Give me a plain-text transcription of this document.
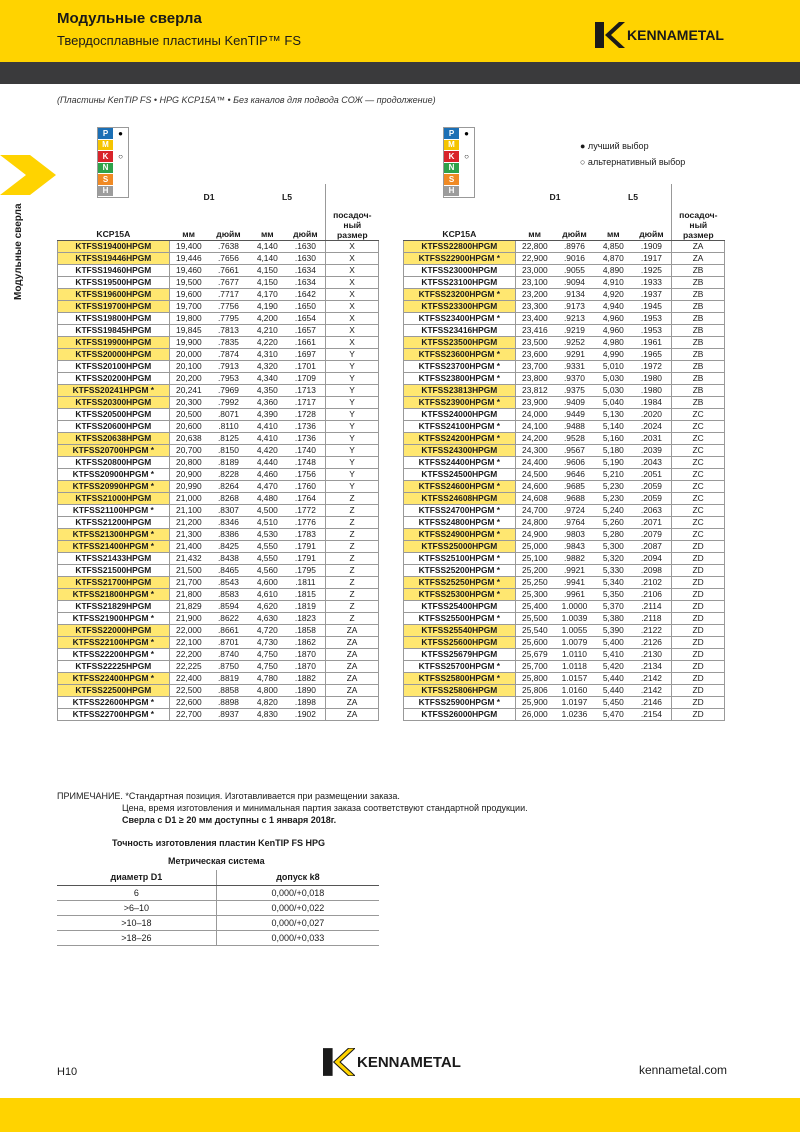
Модульные сверла
Твердосплавные пластины KenTIP™ FS	KENNAMETAL
Модульные сверла
(Пластины KenTIP FS • HPG KCP15A™ • Без каналов для подвода СОЖ — продолжение)
P	●
M
K	○
N
S
H
P	●
M
K	○
N
S
H
● лучший выбор
○ альтернативный выбор
	D1		L5		
KCP15A	мм	дюйм	мм	дюйм	посадоч-ный размер
KTFSS19400HPGM	19,400	.7638	4,140	.1630	X
KTFSS19446HPGM	19,446	.7656	4,140	.1630	X
KTFSS19460HPGM	19,460	.7661	4,150	.1634	X
KTFSS19500HPGM	19,500	.7677	4,150	.1634	X
KTFSS19600HPGM	19,600	.7717	4,170	.1642	X
KTFSS19700HPGM	19,700	.7756	4,190	.1650	X
KTFSS19800HPGM	19,800	.7795	4,200	.1654	X
KTFSS19845HPGM	19,845	.7813	4,210	.1657	X
KTFSS19900HPGM	19,900	.7835	4,220	.1661	X
KTFSS20000HPGM	20,000	.7874	4,310	.1697	Y
KTFSS20100HPGM	20,100	.7913	4,320	.1701	Y
KTFSS20200HPGM	20,200	.7953	4,340	.1709	Y
KTFSS20241HPGM *	20,241	.7969	4,350	.1713	Y
KTFSS20300HPGM	20,300	.7992	4,360	.1717	Y
KTFSS20500HPGM	20,500	.8071	4,390	.1728	Y
KTFSS20600HPGM	20,600	.8110	4,410	.1736	Y
KTFSS20638HPGM	20,638	.8125	4,410	.1736	Y
KTFSS20700HPGM *	20,700	.8150	4,420	.1740	Y
KTFSS20800HPGM	20,800	.8189	4,440	.1748	Y
KTFSS20900HPGM *	20,900	.8228	4,460	.1756	Y
KTFSS20990HPGM *	20,990	.8264	4,470	.1760	Y
KTFSS21000HPGM	21,000	.8268	4,480	.1764	Z
KTFSS21100HPGM *	21,100	.8307	4,500	.1772	Z
KTFSS21200HPGM	21,200	.8346	4,510	.1776	Z
KTFSS21300HPGM *	21,300	.8386	4,530	.1783	Z
KTFSS21400HPGM *	21,400	.8425	4,550	.1791	Z
KTFSS21433HPGM	21,432	.8438	4,550	.1791	Z
KTFSS21500HPGM	21,500	.8465	4,560	.1795	Z
KTFSS21700HPGM	21,700	.8543	4,600	.1811	Z
KTFSS21800HPGM *	21,800	.8583	4,610	.1815	Z
KTFSS21829HPGM	21,829	.8594	4,620	.1819	Z
KTFSS21900HPGM *	21,900	.8622	4,630	.1823	Z
KTFSS22000HPGM	22,000	.8661	4,720	.1858	ZA
KTFSS22100HPGM *	22,100	.8701	4,730	.1862	ZA
KTFSS22200HPGM *	22,200	.8740	4,750	.1870	ZA
KTFSS22225HPGM	22,225	.8750	4,750	.1870	ZA
KTFSS22400HPGM *	22,400	.8819	4,780	.1882	ZA
KTFSS22500HPGM	22,500	.8858	4,800	.1890	ZA
KTFSS22600HPGM *	22,600	.8898	4,820	.1898	ZA
KTFSS22700HPGM *	22,700	.8937	4,830	.1902	ZA
	D1		L5		
KCP15A	мм	дюйм	мм	дюйм	посадоч-ный размер
KTFSS22800HPGM	22,800	.8976	4,850	.1909	ZA
KTFSS22900HPGM *	22,900	.9016	4,870	.1917	ZA
KTFSS23000HPGM	23,000	.9055	4,890	.1925	ZB
KTFSS23100HPGM	23,100	.9094	4,910	.1933	ZB
KTFSS23200HPGM *	23,200	.9134	4,920	.1937	ZB
KTFSS23300HPGM	23,300	.9173	4,940	.1945	ZB
KTFSS23400HPGM *	23,400	.9213	4,960	.1953	ZB
KTFSS23416HPGM	23,416	.9219	4,960	.1953	ZB
KTFSS23500HPGM	23,500	.9252	4,980	.1961	ZB
KTFSS23600HPGM *	23,600	.9291	4,990	.1965	ZB
KTFSS23700HPGM *	23,700	.9331	5,010	.1972	ZB
KTFSS23800HPGM *	23,800	.9370	5,030	.1980	ZB
KTFSS23813HPGM	23,812	.9375	5,030	.1980	ZB
KTFSS23900HPGM *	23,900	.9409	5,040	.1984	ZB
KTFSS24000HPGM	24,000	.9449	5,130	.2020	ZC
KTFSS24100HPGM *	24,100	.9488	5,140	.2024	ZC
KTFSS24200HPGM *	24,200	.9528	5,160	.2031	ZC
KTFSS24300HPGM	24,300	.9567	5,180	.2039	ZC
KTFSS24400HPGM *	24,400	.9606	5,190	.2043	ZC
KTFSS24500HPGM	24,500	.9646	5,210	.2051	ZC
KTFSS24600HPGM *	24,600	.9685	5,230	.2059	ZC
KTFSS24608HPGM	24,608	.9688	5,230	.2059	ZC
KTFSS24700HPGM *	24,700	.9724	5,240	.2063	ZC
KTFSS24800HPGM *	24,800	.9764	5,260	.2071	ZC
KTFSS24900HPGM *	24,900	.9803	5,280	.2079	ZC
KTFSS25000HPGM	25,000	.9843	5,300	.2087	ZD
KTFSS25100HPGM *	25,100	.9882	5,320	.2094	ZD
KTFSS25200HPGM *	25,200	.9921	5,330	.2098	ZD
KTFSS25250HPGM *	25,250	.9941	5,340	.2102	ZD
KTFSS25300HPGM *	25,300	.9961	5,350	.2106	ZD
KTFSS25400HPGM	25,400	1.0000	5,370	.2114	ZD
KTFSS25500HPGM *	25,500	1.0039	5,380	.2118	ZD
KTFSS25540HPGM	25,540	1.0055	5,390	.2122	ZD
KTFSS25600HPGM	25,600	1.0079	5,400	.2126	ZD
KTFSS25679HPGM	25,679	1.0110	5,410	.2130	ZD
KTFSS25700HPGM *	25,700	1.0118	5,420	.2134	ZD
KTFSS25800HPGM *	25,800	1.0157	5,440	.2142	ZD
KTFSS25806HPGM	25,806	1.0160	5,440	.2142	ZD
KTFSS25900HPGM *	25,900	1.0197	5,450	.2146	ZD
KTFSS26000HPGM	26,000	1.0236	5,470	.2154	ZD
ПРИМЕЧАНИЕ. *Стандартная позиция. Изготавливается при размещении заказа.
Цена, время изготовления и минимальная партия заказа соответствуют стандартной продукции.
Сверла с D1 ≥ 20 мм доступны с 1 января 2018г.
Точность изготовления пластин KenTIP FS HPG
Метрическая система
диаметр D1	допуск k8
6	0,000/+0,018
>6–10	0,000/+0,022
>10–18	0,000/+0,027
>18–26	0,000/+0,033
H10
KENNAMETAL	kennametal.com
